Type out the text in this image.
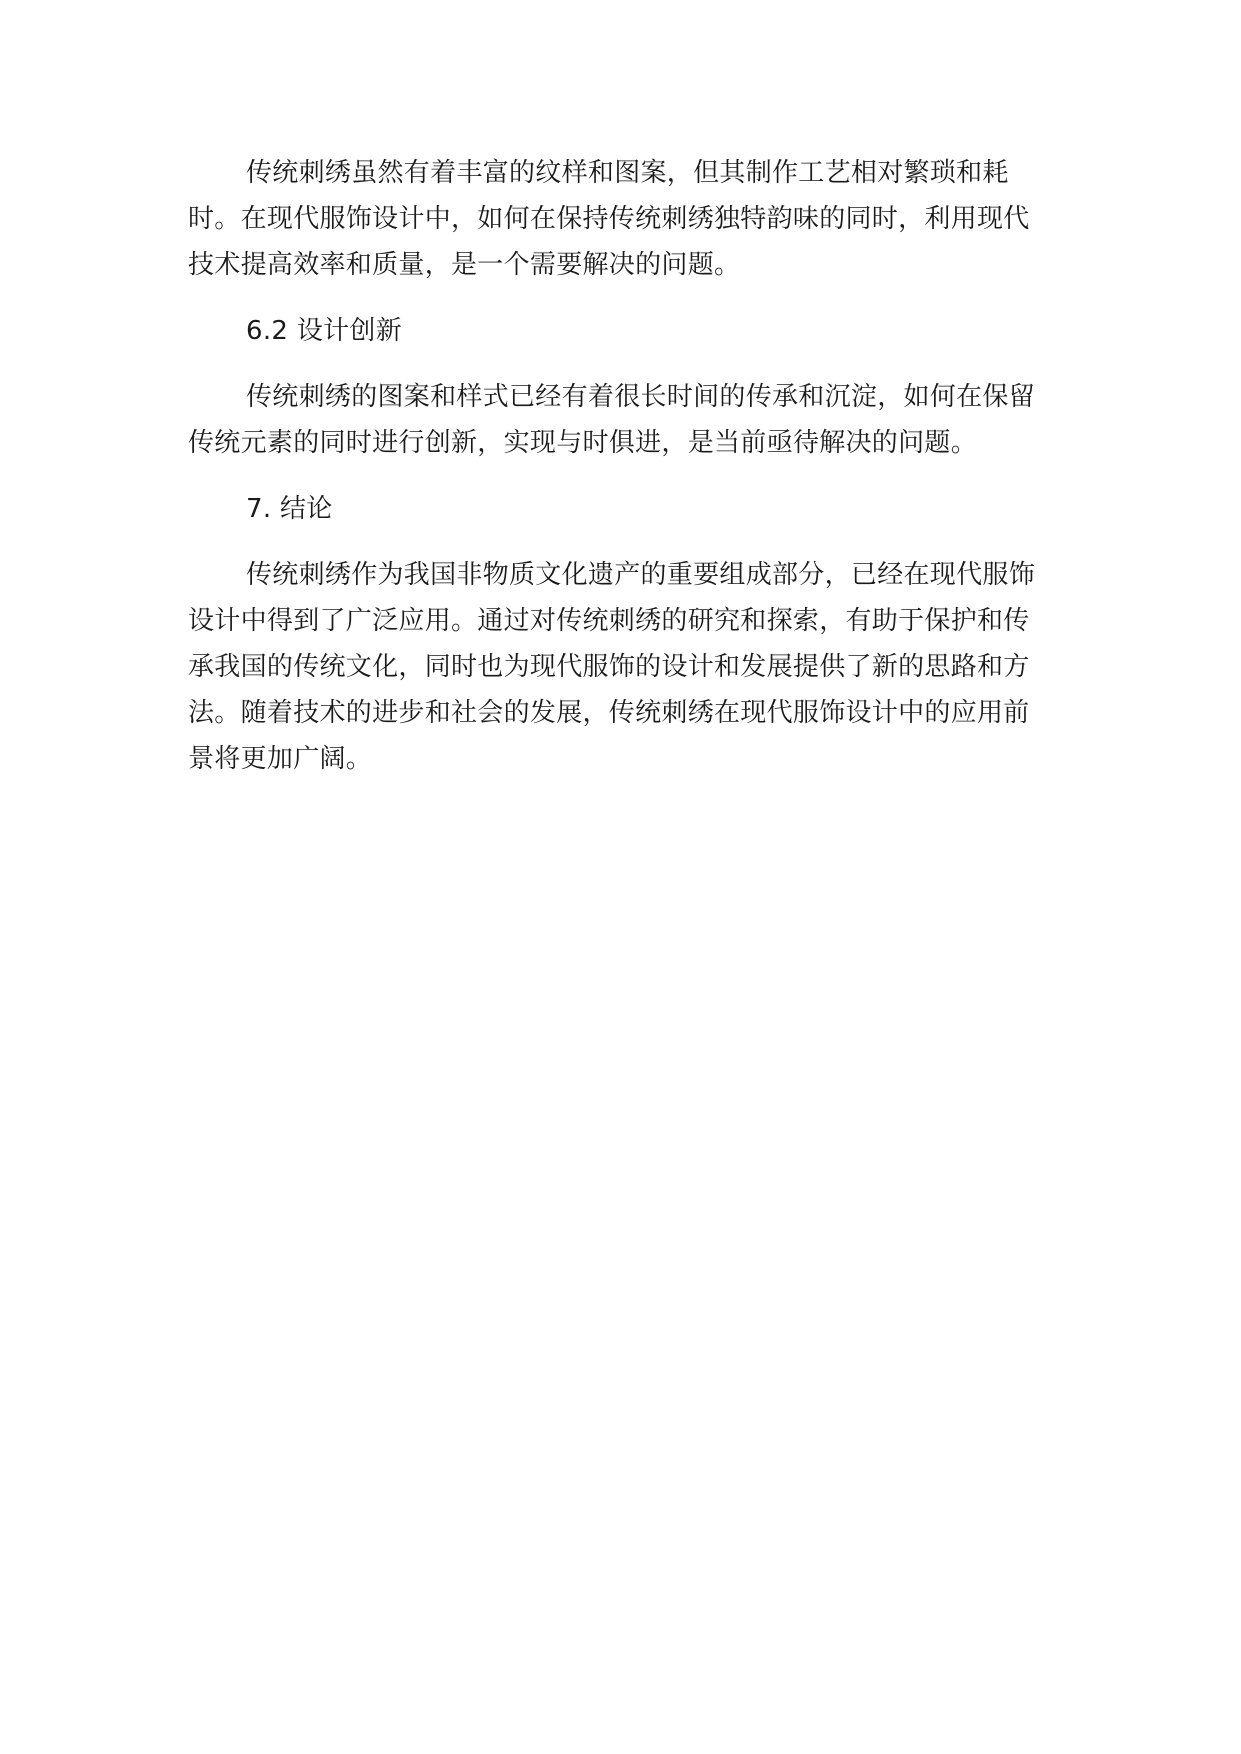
传统刺绣虽然有着丰富的纹样和图案，但其制作工艺相对繁琐和耗时。在现代服饰设计中，如何在保持传统刺绣独特韵味的同时，利用现代技术提高效率和质量，是一个需要解决的问题。

6.2 设计创新

传统刺绣的图案和样式已经有着很长时间的传承和沉淀，如何在保留传统元素的同时进行创新，实现与时俱进，是当前亟待解决的问题。

7. 结论

传统刺绣作为我国非物质文化遗产的重要组成部分，已经在现代服饰设计中得到了广泛应用。通过对传统刺绣的研究和探索，有助于保护和传承我国的传统文化，同时也为现代服饰的设计和发展提供了新的思路和方法。随着技术的进步和社会的发展，传统刺绣在现代服饰设计中的应用前景将更加广阔。
